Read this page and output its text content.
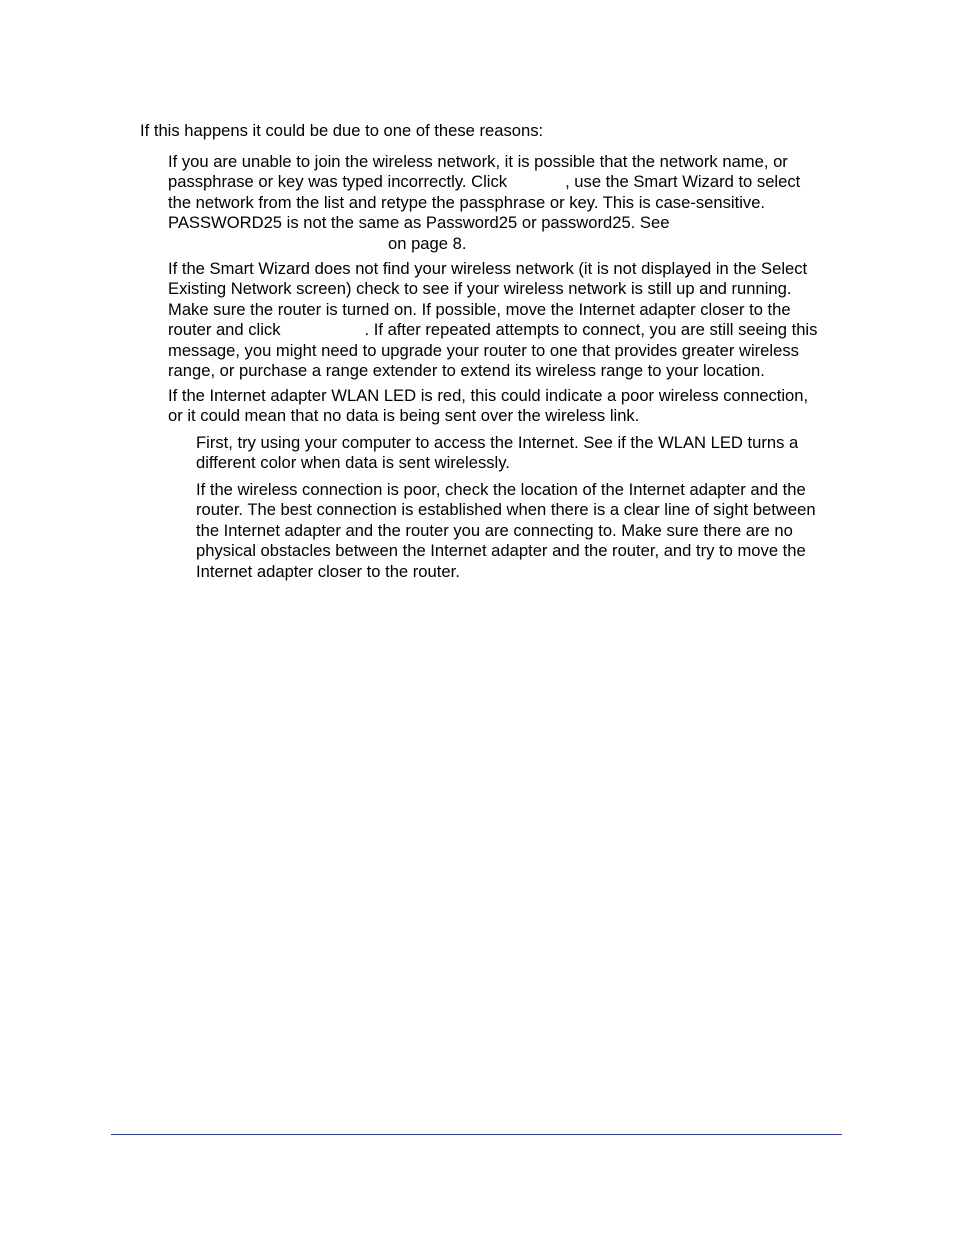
If this happens it could be due to one of these reasons:

If you are unable to join the wireless network, it is possible that the network name, or
passphrase or key was typed incorrectly. Click	, use the Smart Wizard to select
the network from the list and retype the passphrase or key. This is case-sensitive.
PASSWORD25 is not the same as Password25 or password25. See
on page 8.
If the Smart Wizard does not find your wireless network (it is not displayed in the Select
Existing Network screen) check to see if your wireless network is still up and running.
Make sure the router is turned on. If possible, move the Internet adapter closer to the
router and click	. If after repeated attempts to connect, you are still seeing this
message, you might need to upgrade your router to one that provides greater wireless
range, or purchase a range extender to extend its wireless range to your location.
If the Internet adapter WLAN LED is red, this could indicate a poor wireless connection,
or it could mean that no data is being sent over the wireless link.
First, try using your computer to access the Internet. See if the WLAN LED turns a
different color when data is sent wirelessly.
If the wireless connection is poor, check the location of the Internet adapter and the
router. The best connection is established when there is a clear line of sight between
the Internet adapter and the router you are connecting to. Make sure there are no
physical obstacles between the Internet adapter and the router, and try to move the
Internet adapter closer to the router.
